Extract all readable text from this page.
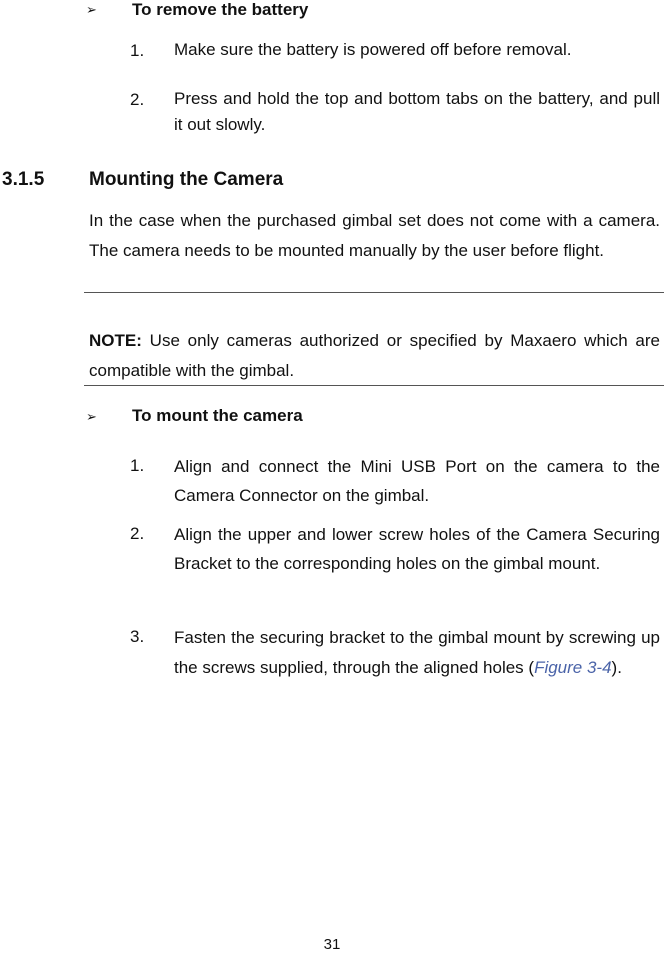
➢ To remove the battery
1.	Make sure the battery is powered off before removal.
2.	Press and hold the top and bottom tabs on the battery, and pull it out slowly.
3.1.5 Mounting the Camera
In the case when the purchased gimbal set does not come with a camera. The camera needs to be mounted manually by the user before flight.
NOTE: Use only cameras authorized or specified by Maxaero which are compatible with the gimbal.
➢ To mount the camera
1.	Align and connect the Mini USB Port on the camera to the Camera Connector on the gimbal.
2.	Align the upper and lower screw holes of the Camera Securing Bracket to the corresponding holes on the gimbal mount.
3.	Fasten the securing bracket to the gimbal mount by screwing up the screws supplied, through the aligned holes (Figure 3-4).
31
